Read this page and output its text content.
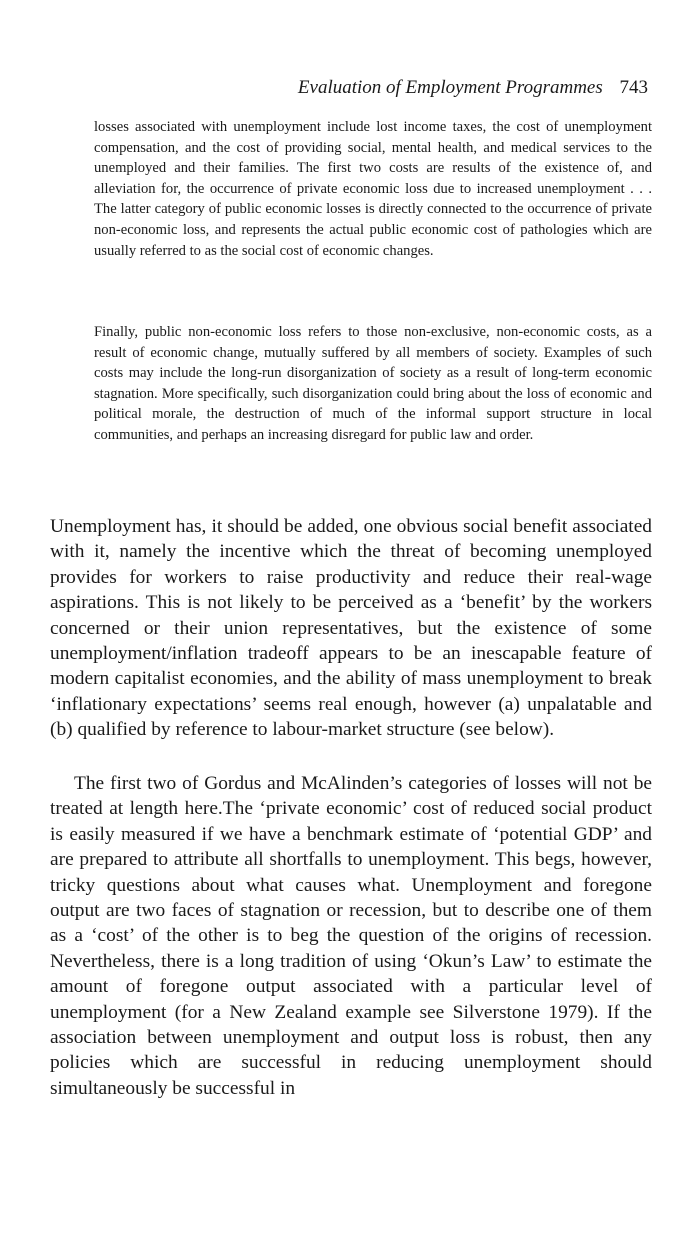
Evaluation of Employment Programmes 743
losses associated with unemployment include lost income taxes, the cost of unemployment compensation, and the cost of providing social, mental health, and medical services to the unemployed and their families. The first two costs are results of the existence of, and alleviation for, the occurrence of private economic loss due to increased unemployment . . . The latter category of public economic losses is directly connected to the occurrence of private non-economic loss, and represents the actual public economic cost of pathologies which are usually referred to as the social cost of economic changes.
Finally, public non-economic loss refers to those non-exclusive, non-economic costs, as a result of economic change, mutually suffered by all members of society. Examples of such costs may include the long-run disorganization of society as a result of long-term economic stagnation. More specifically, such disorganization could bring about the loss of economic and political morale, the destruction of much of the informal support structure in local communities, and perhaps an increasing disregard for public law and order.
Unemployment has, it should be added, one obvious social benefit associated with it, namely the incentive which the threat of becoming unemployed provides for workers to raise productivity and reduce their real-wage aspirations. This is not likely to be perceived as a ‘benefit’ by the workers concerned or their union representatives, but the existence of some unemployment/inflation tradeoff appears to be an inescapable feature of modern capitalist economies, and the ability of mass unemployment to break ‘inflationary expectations’ seems real enough, however (a) unpalatable and (b) qualified by reference to labour-market structure (see below).
The first two of Gordus and McAlinden’s categories of losses will not be treated at length here.The ‘private economic’ cost of reduced social product is easily measured if we have a benchmark estimate of ‘potential GDP’ and are prepared to attribute all shortfalls to unemployment. This begs, however, tricky questions about what causes what. Unemployment and foregone output are two faces of stagnation or recession, but to describe one of them as a ‘cost’ of the other is to beg the question of the origins of recession. Nevertheless, there is a long tradition of using ‘Okun’s Law’ to estimate the amount of foregone output associated with a particular level of unemployment (for a New Zealand example see Silverstone 1979). If the association between unemployment and output loss is robust, then any policies which are successful in reducing unemployment should simultaneously be successful in
